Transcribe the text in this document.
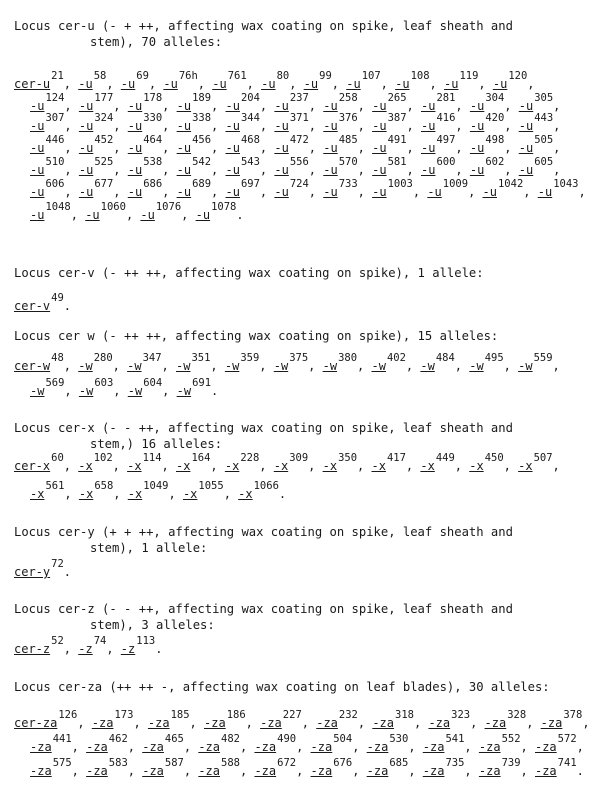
Locus cer-u (- + ++, affecting wax coating on spike, leaf sheath and
stem), 70 alleles:
cer-$u^{21}$, $-u^{58}$, $-u^{69}$, $-u^{76h}$, $-u^{761}$, $-u^{80}$, $-u^{99}$, $-u^{107}$, $-u^{108}$, $-u^{119}$, $-u^{120}$,
$-u^{124}$, $-u^{177}$, $-u^{178}$, $-u^{189}$, $-u^{204}$, $-u^{237}$, $-u^{258}$, $-u^{265}$, $-u^{281}$, $-u^{304}$, $-u^{305}$,
$-u^{307}$, $-u^{324}$, $-u^{330}$, $-u^{338}$, $-u^{344}$, $-u^{371}$, $-u^{376}$, $-u^{387}$, $-u^{416}$, $-u^{420}$, $-u^{443}$,
$-u^{446}$, $-u^{452}$, $-u^{464}$, $-u^{456}$, $-u^{468}$, $-u^{472}$, $-u^{485}$, $-u^{491}$, $-u^{497}$, $-u^{498}$, $-u^{505}$,
$-u^{510}$, $-u^{525}$, $-u^{538}$, $-u^{542}$, $-u^{543}$, $-u^{556}$, $-u^{570}$, $-u^{581}$, $-u^{600}$, $-u^{602}$, $-u^{605}$,
$-u^{606}$, $-u^{677}$, $-u^{686}$, $-u^{689}$, $-u^{697}$, $-u^{724}$, $-u^{733}$, $-u^{1003}$, $-u^{1009}$, $-u^{1042}$, $-u^{1043}$,
$-u^{1048}$, $-u^{1060}$, $-u^{1076}$, $-u^{1078}$.
Locus cer-v (- ++ ++, affecting wax coating on spike), 1 allele:
cer-$v^{49}$.
Locus cer w (- ++ ++, affecting wax coating on spike), 15 alleles:
cer-$w^{48}$, $-w^{280}$, $-w^{347}$, $-w^{351}$, $-w^{359}$, $-w^{375}$, $-w^{380}$, $-w^{402}$, $-w^{484}$, $-w^{495}$, $-w^{559}$,
$-w^{569}$, $-w^{603}$, $-w^{604}$, $-w^{691}$.
Locus cer-x (- - ++, affecting wax coating on spike, leaf sheath and
stem,) 16 alleles:
cer-$x^{60}$, $-x^{102}$, $-x^{114}$, $-x^{164}$, $-x^{228}$, $-x^{309}$, $-x^{350}$, $-x^{417}$, $-x^{449}$, $-x^{450}$, $-x^{507}$,
$-x^{561}$, $-x^{658}$, $-x^{1049}$, $-x^{1055}$, $-x^{1066}$.
Locus cer-y (+ + ++, affecting wax coating on spike, leaf sheath and
stem), 1 allele:
cer-$y^{72}$.
Locus cer-z (- - ++, affecting wax coating on spike, leaf sheath and
stem), 3 alleles:
cer-$z^{52}$, $-z^{74}$, $-z^{113}$.
Locus cer-za (++ ++ -, affecting wax coating on leaf blades), 30 alleles:
cer-$za^{126}$, $-za^{173}$, $-za^{185}$, $-za^{186}$, $-za^{227}$, $-za^{232}$, $-za^{318}$, $-za^{323}$, $-za^{328}$, $-za^{378}$,
$-za^{441}$, $-za^{462}$, $-za^{465}$, $-za^{482}$, $-za^{490}$, $-za^{504}$, $-za^{530}$, $-za^{541}$, $-za^{552}$, $-za^{572}$,
$-za^{575}$, $-za^{583}$, $-za^{587}$, $-za^{588}$, $-za^{672}$, $-za^{676}$, $-za^{685}$, $-za^{735}$, $-za^{739}$, $-za^{741}$.
